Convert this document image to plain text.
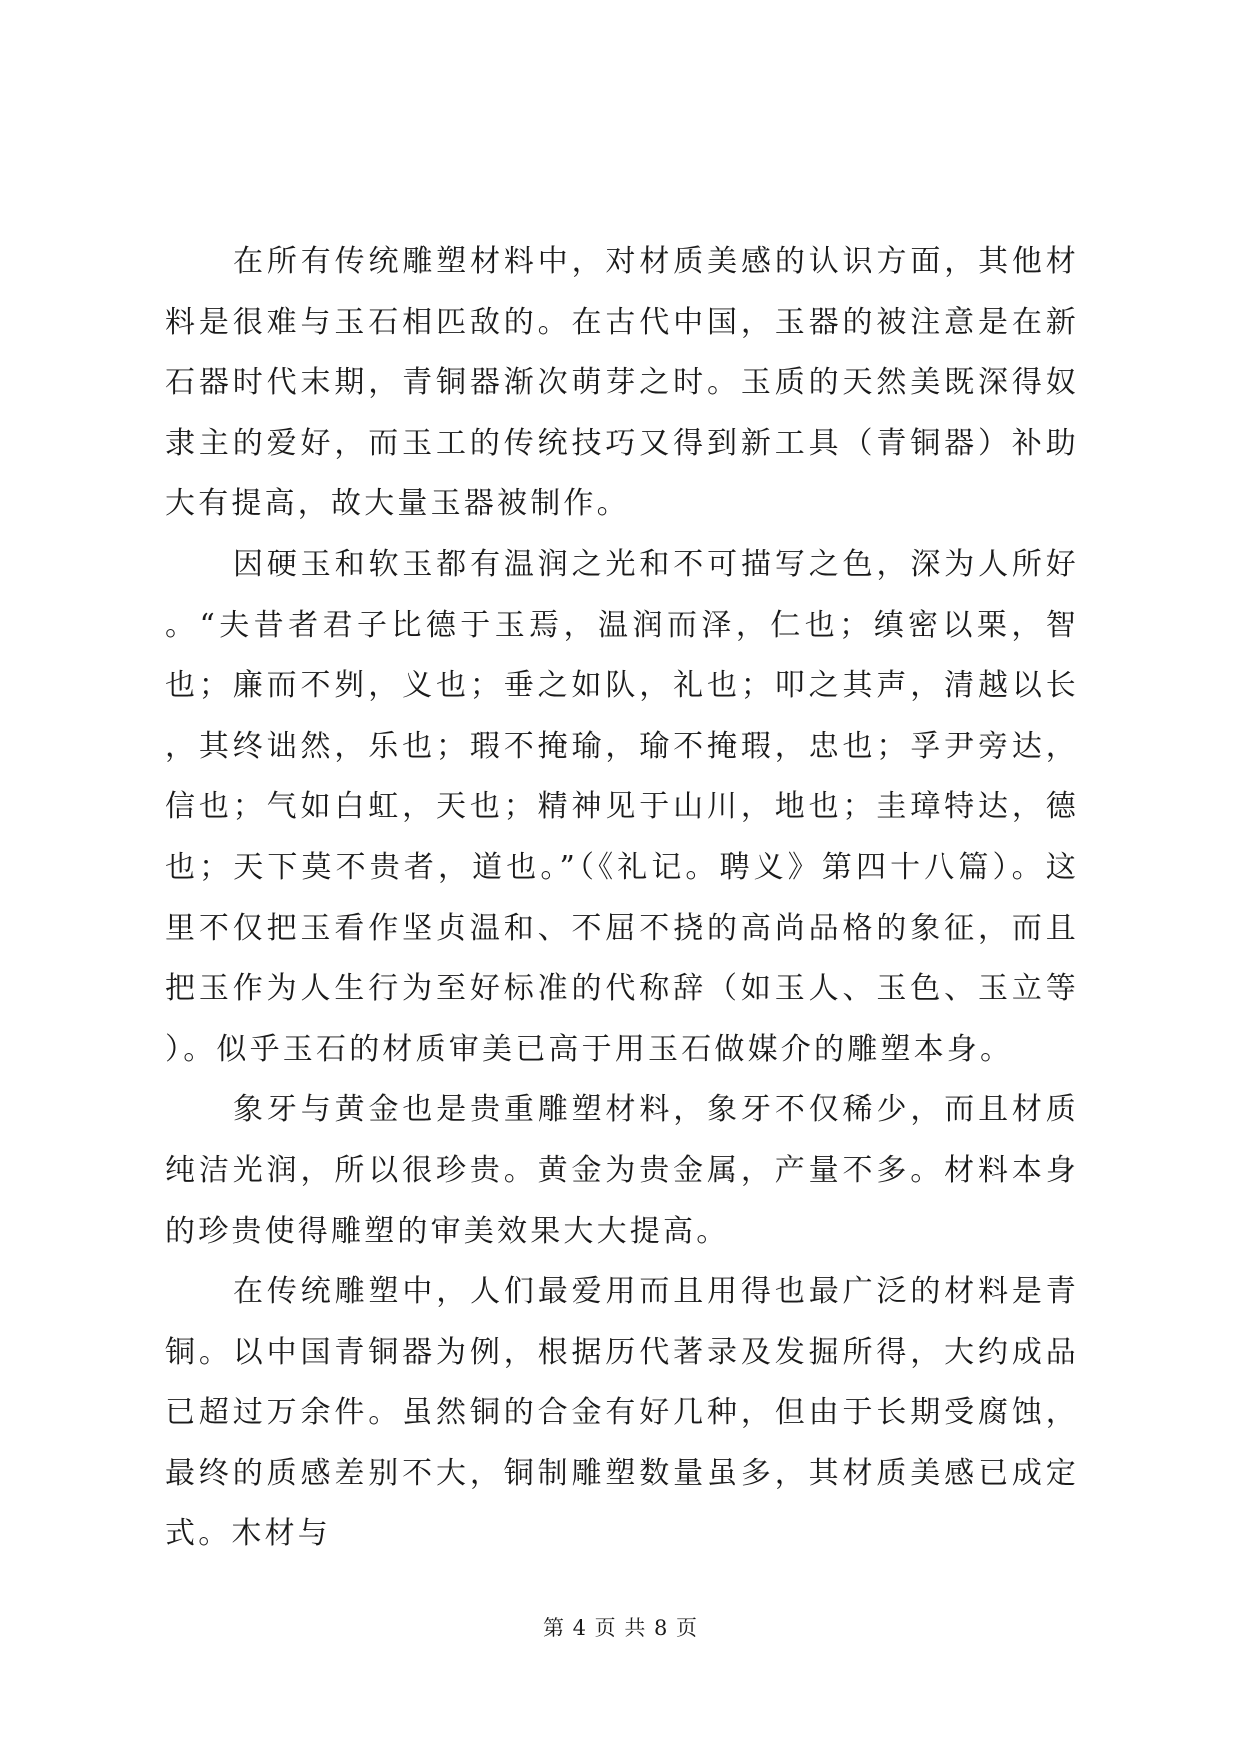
在所有传统雕塑材料中，对材质美感的认识方面，其他材料是很难与玉石相匹敌的。在古代中国，玉器的被注意是在新石器时代末期，青铜器渐次萌芽之时。玉质的天然美既深得奴隶主的爱好，而玉工的传统技巧又得到新工具（青铜器）补助大有提高，故大量玉器被制作。

因硬玉和软玉都有温润之光和不可描写之色，深为人所好。“夫昔者君子比德于玉焉，温润而泽，仁也；缜密以栗，智也；廉而不刿，义也；垂之如队，礼也；叩之其声，清越以长，其终诎然，乐也；瑕不掩瑜，瑜不掩瑕，忠也；孚尹旁达，信也；气如白虹，天也；精神见于山川，地也；圭璋特达，德也；天下莫不贵者，道也。”（《礼记。聘义》第四十八篇）。这里不仅把玉看作坚贞温和、不屈不挠的高尚品格的象征，而且把玉作为人生行为至好标准的代称辞（如玉人、玉色、玉立等）。似乎玉石的材质审美已高于用玉石做媒介的雕塑本身。

象牙与黄金也是贵重雕塑材料，象牙不仅稀少，而且材质纯洁光润，所以很珍贵。黄金为贵金属，产量不多。材料本身的珍贵使得雕塑的审美效果大大提高。

在传统雕塑中，人们最爱用而且用得也最广泛的材料是青铜。以中国青铜器为例，根据历代著录及发掘所得，大约成品已超过万余件。虽然铜的合金有好几种，但由于长期受腐蚀，最终的质感差别不大，铜制雕塑数量虽多，其材质美感已成定式。木材与

第 4 页 共 8 页
